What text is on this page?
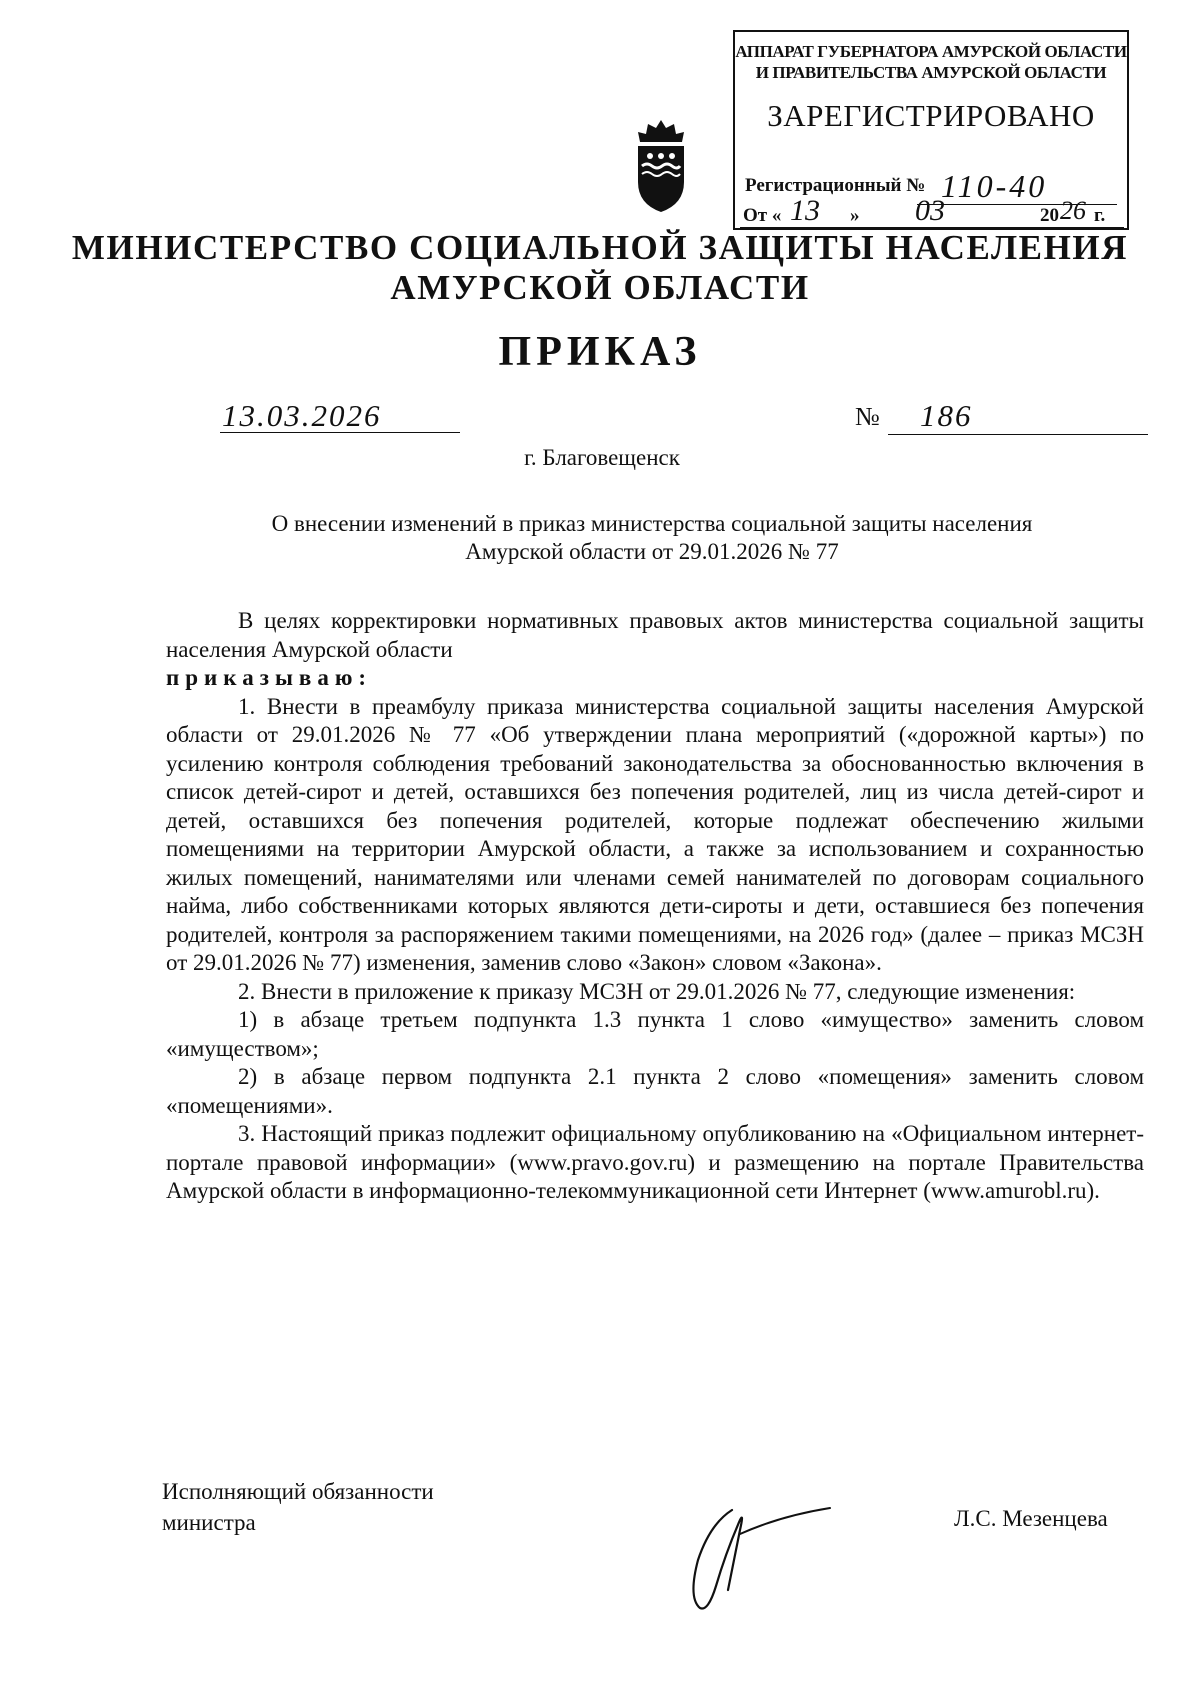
АППАРАТ ГУБЕРНАТОРА АМУРСКОЙ ОБЛАСТИ
И ПРАВИТЕЛЬСТВА АМУРСКОЙ ОБЛАСТИ
ЗАРЕГИСТРИРОВАНО
Регистрационный № 110-40
От « 13 » 03	20 26 г.
МИНИСТЕРСТВО СОЦИАЛЬНОЙ ЗАЩИТЫ НАСЕЛЕНИЯ
АМУРСКОЙ ОБЛАСТИ
ПРИКАЗ
13.03.2026	№ 186
г. Благовещенск
О внесении изменений в приказ министерства социальной защиты населения
Амурской области от 29.01.2026 № 77

В целях корректировки нормативных правовых актов министерства социальной защиты населения Амурской области

приказываю:

1. Внести в преамбулу приказа министерства социальной защиты населения Амурской области от 29.01.2026 № 77 «Об утверждении плана мероприятий («дорожной карты») по усилению контроля соблюдения требований законодательства за обоснованностью включения в список детей-сирот и детей, оставшихся без попечения родителей, лиц из числа детей-сирот и детей, оставшихся без попечения родителей, которые подлежат обеспечению жилыми помещениями на территории Амурской области, а также за использованием и сохранностью жилых помещений, нанимателями или членами семей нанимателей по договорам социального найма, либо собственниками которых являются дети-сироты и дети, оставшиеся без попечения родителей, контроля за распоряжением такими помещениями, на 2026 год» (далее – приказ МСЗН от 29.01.2026 № 77) изменения, заменив слово «Закон» словом «Закона».

2. Внести в приложение к приказу МСЗН от 29.01.2026 № 77, следующие изменения:

1) в абзаце третьем подпункта 1.3 пункта 1 слово «имущество» заменить словом «имуществом»;

2) в абзаце первом подпункта 2.1 пункта 2 слово «помещения» заменить словом «помещениями».

3. Настоящий приказ подлежит официальному опубликованию на «Официальном интернет-портале правовой информации» (www.pravo.gov.ru) и размещению на портале Правительства Амурской области в информационно-телекоммуникационной сети Интернет (www.amurobl.ru).

Исполняющий обязанности
министра	Л.С. Мезенцева
